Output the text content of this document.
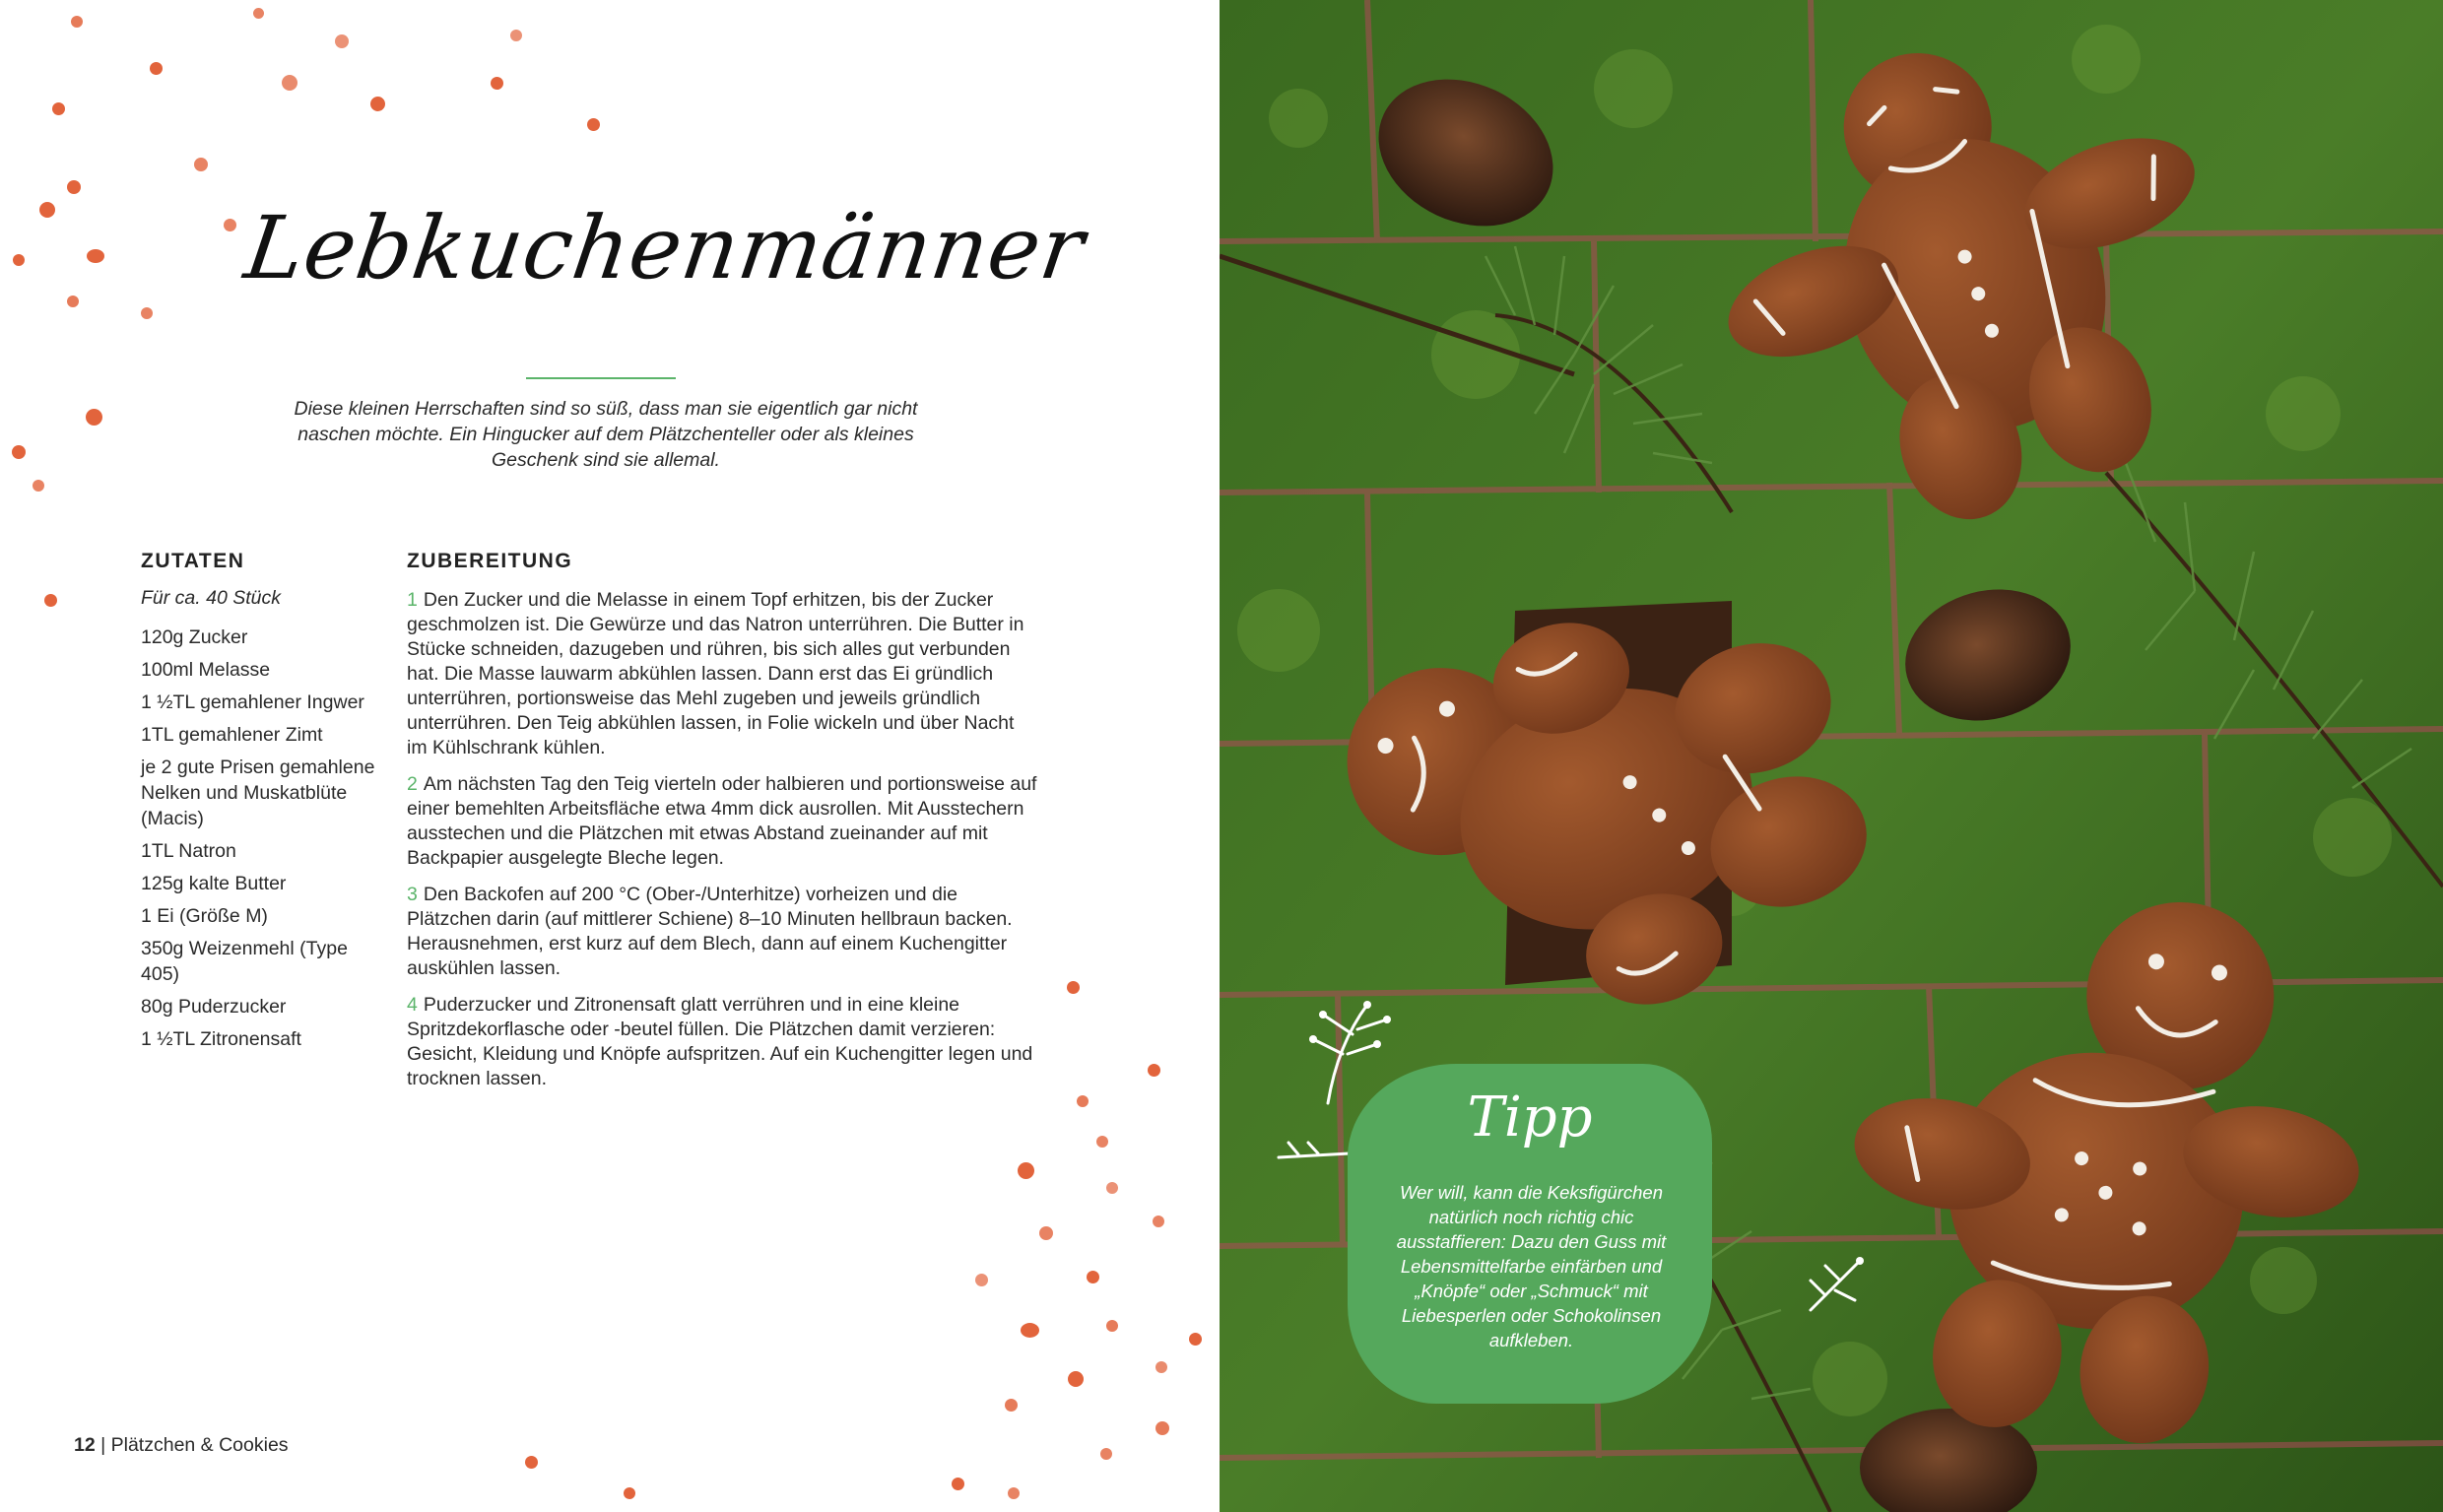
Lebkuchenmänner
Diese kleinen Herrschaften sind so süß, dass man sie eigentlich gar nicht naschen möchte. Ein Hingucker auf dem Plätzchenteller oder als kleines Geschenk sind sie allemal.
ZUTATEN
Für ca. 40 Stück
120g Zucker
100ml Melasse
1 ½TL gemahlener Ingwer
1TL gemahlener Zimt
je 2 gute Prisen gemahlene Nelken und Muskatblüte (Macis)
1TL Natron
125g kalte Butter
1 Ei (Größe M)
350g Weizenmehl (Type 405)
80g Puderzucker
1 ½TL Zitronensaft
ZUBEREITUNG
1 Den Zucker und die Melasse in einem Topf erhitzen, bis der Zucker geschmolzen ist. Die Gewürze und das Natron unterrühren. Die Butter in Stücke schneiden, dazugeben und rühren, bis sich alles gut verbunden hat. Die Masse lauwarm abkühlen lassen. Dann erst das Ei gründlich unterrühren, portionsweise das Mehl zugeben und jeweils gründlich unterrühren. Den Teig abkühlen lassen, in Folie wickeln und über Nacht im Kühlschrank kühlen.
2 Am nächsten Tag den Teig vierteln oder halbieren und portionsweise auf einer bemehlten Arbeitsfläche etwa 4mm dick ausrollen. Mit Ausstechern ausstechen und die Plätzchen mit etwas Abstand zueinander auf mit Backpapier ausgelegte Bleche legen.
3 Den Backofen auf 200 °C (Ober-/Unterhitze) vorheizen und die Plätzchen darin (auf mittlerer Schiene) 8–10 Minuten hellbraun backen. Herausnehmen, erst kurz auf dem Blech, dann auf einem Kuchengitter auskühlen lassen.
4 Puderzucker und Zitronensaft glatt verrühren und in eine kleine Spritzdekorflasche oder -beutel füllen. Die Plätzchen damit verzieren: Gesicht, Kleidung und Knöpfe aufspritzen. Auf ein Kuchengitter legen und trocknen lassen.
12 | Plätzchen & Cookies
Tipp
Wer will, kann die Keksfigürchen natürlich noch richtig chic ausstaffieren: Dazu den Guss mit Lebensmittelfarbe einfärben und „Knöpfe“ oder „Schmuck“ mit Liebesperlen oder Schokolinsen aufkleben.
